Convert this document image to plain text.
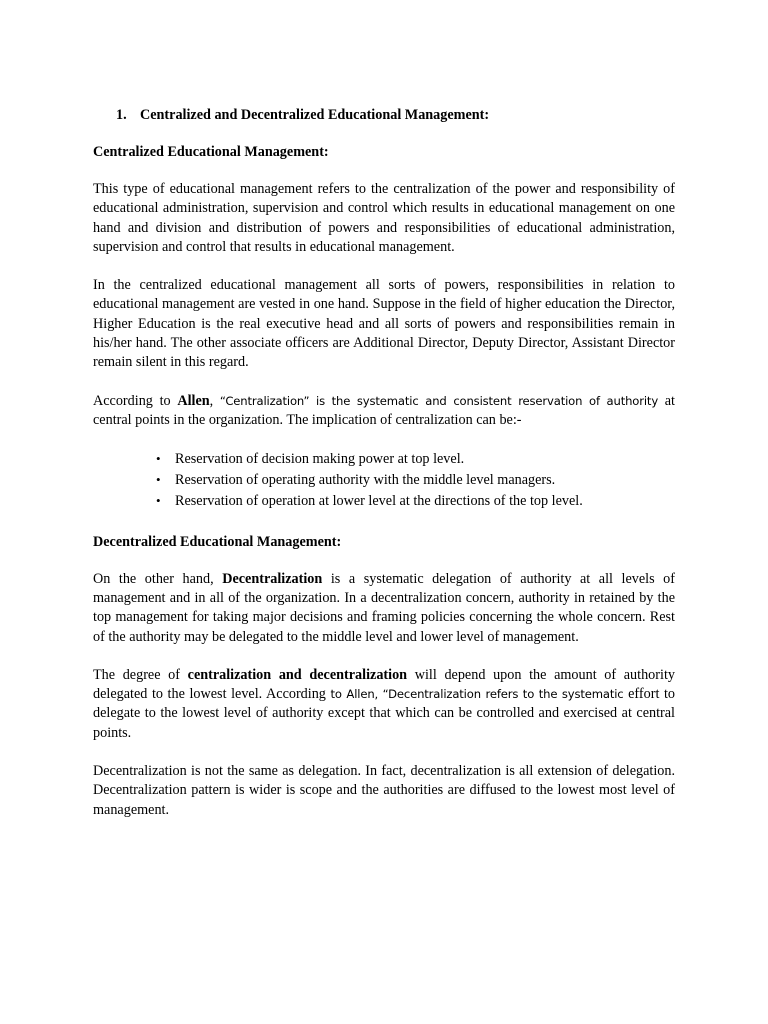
1. Centralized and Decentralized Educational Management:
Centralized Educational Management:

This type of educational management refers to the centralization of the power and responsibility of educational administration, supervision and control which results in educational management on one hand and division and distribution of powers and responsibilities of educational administration, supervision and control that results in educational management.

In the centralized educational management all sorts of powers, responsibilities in relation to educational management are vested in one hand. Suppose in the field of higher education the Director, Higher Education is the real executive head and all sorts of powers and responsibilities remain in his/her hand. The other associate officers are Additional Director, Deputy Director, Assistant Director remain silent in this regard.

According to Allen, “Centralization” is the systematic and consistent reservation of authority at central points in the organization. The implication of centralization can be:-

• Reservation of decision making power at top level.
• Reservation of operating authority with the middle level managers.
• Reservation of operation at lower level at the directions of the top level.
Decentralized Educational Management:

On the other hand, Decentralization is a systematic delegation of authority at all levels of management and in all of the organization. In a decentralization concern, authority in retained by the top management for taking major decisions and framing policies concerning the whole concern. Rest of the authority may be delegated to the middle level and lower level of management.

The degree of centralization and decentralization will depend upon the amount of authority delegated to the lowest level. According to Allen, “Decentralization refers to the systematic effort to delegate to the lowest level of authority except that which can be controlled and exercised at central points.

Decentralization is not the same as delegation. In fact, decentralization is all extension of delegation. Decentralization pattern is wider is scope and the authorities are diffused to the lowest most level of management.
